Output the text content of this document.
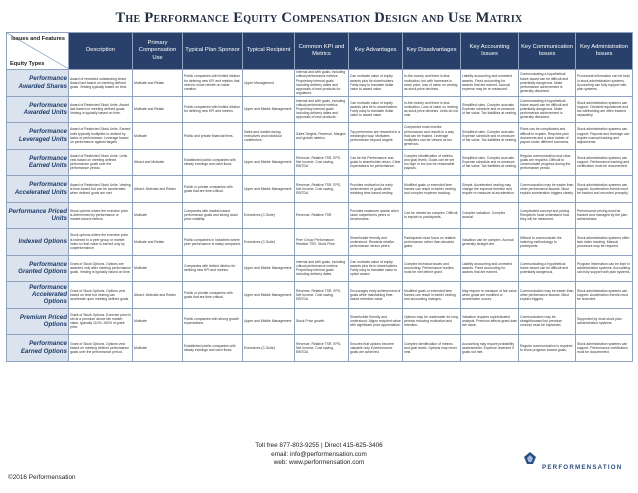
The Performance Equity Compensation Design and Use Matrix
Issues and Features
Equity Types	Description	Primary Compensation Use	Typical Plan Sponsor	Typical Recipient	Common KPI and Metrics	Key Advantages	Key Disadvantages	Key Accounting Issues	Key Communication Issues	Key Administration Issues
Performance Awarded Shares	Award of restricted outstanding share. Award last based on meeting defined goals. Vesting typically based on time.	Motivate and Retain	Public companies with limited dilution for defining new KPI and metrics that need to move needle on value creation.	Upper Management	Internal and with goals, including critical performance metrics. Proprietary internal goals including delivery dates and approvals of new products for regulators.	Can motivate value of equity awards plus tie shareholders. Fairly easy to translate dollar value to award value.	In-the-money and there is less motivation, but with increases in stock price, loss of value on vesting as stock price declines.	Liability accounting and unvested awards. Fixed accounting for awards that are earned. Accrual expense may be re-measured.	Communicating a hypothetical future award can be difficult and potentially dangerous. Make performance achievement is generally disclosed.	Procedural information can be kept in stock administration systems. Accounting can fully support with plan systems.
Performance Awarded Units	Award of Restricted Stock Units. Award last based on meeting defined goals. Vesting is typically based on time.	Motivate and Retain	Public companies with limited dilution for defining new KPI and metrics.	Upper and Middle Management	Internal and with goals, including critical performance metrics. Proprietary internal goals including delivery dates and approvals of new products.	Can motivate value of equity awards plus tie to shareholders. Fairly easy to translate dollar value to award value.	In-the-money and there is less motivation. Loss of value on vesting as stock price declines. Units do not vote.	Simplified rules. Complex accruals. Expense schedule and re-measure of fair value. Tax liabilities at vesting.	Communicating a hypothetical future award can be difficult and potentially dangerous. Make performance achievement is generally disclosed.	Stock administration systems can support. Dividend equivalents and tax withholding are often tracked separately.
Performance Leveraged Units	Award of Restricted Stock Units. Earned units typically multiplied or divided by factor of performance. Leverage based on performance against targets.	Motivate	Public and private financial firms.	Sales and market-facing executives and individual contributors.	Sales Targets, Revenue, Margins and growth metrics.	Top performers are rewarded in a meaningful way. Motivates performance beyond targets.	Companies must monitor performance and results in a way that can be trusted. Leverage multipliers can be viewed as too generous.	Simplified rules. Complex accruals. Expense schedule and re-measure of fair value. Tax liabilities at vesting.	Plans can be complicated and difficult to explain. Requires plan documents and a clear ladder of payout under different scenarios.	Stock administration systems can support. Payouts and leverage can require manual tracking and adjustments.
Performance Earned Units	Award of Restricted Stock Units. Units vest based on meeting defined performance goals over the performance period.	Attract and Motivate	Established public companies with steady earnings and cash flows.	Upper and Middle Management	Revenue, Relative TSR, EPS, Net Income, Cost saving, EBITDA	Can tie the Performance and goals to shareholder return. Clear expectations for performance.	Complex identification of metrics and goal levels. Goals can be set too high or too low for reasonable payouts.	Simplified rules. Complex accruals. Expense schedule and re-measure of fair value. Tax liabilities at vesting.	Regular communication and clear goals are required. Difficult to communicate progress during the performance period.	Stock administration systems can support. Performance tracking and certification must be documented.
Performance Accelerated Units	Award of Restricted Stock Units. Vesting is time-based but can be accelerated when defined goals are met.	Attract, Motivate and Retain	Public or private companies with goals that are time-critical.	Upper and Middle Management	Revenue, Relative TSR, EPS, Net Income, Cost saving, EBITDA	Provides motivation for early achievement of goals while retaining time-based vesting.	Modified goals or extended time frames can result in earlier vesting and complex expense tracking.	Simple. Accelerated vesting may change the expense timeline and require re-measure at acceleration.	Communication may be easier than other performance awards. Must explain acceleration triggers clearly.	Stock administration systems can support. Acceleration events must be tracked and recorded promptly.
Performance Priced Units	Stock options where the exercise price is determined by performance or market-based metrics.	Motivate	Companies with market-based performance goals and strong stock price volatility.	Executives (C-Suite)	Revenue, Relative TSR	Provides maximum upside when stock outperforms peers or benchmarks.	Can be viewed as complex. Difficult to explain to participants.	Complex valuation. Complex accrual.	Complicated concept and pricing. Recipients must understand how they will be measured.	Performance pricing must be tracked and managed by the plan administrator.
Indexed Options	Stock options where the exercise price is indexed to a peer group or market index so that value is earned only by outperformance.	Motivate and Retain	Public companies in industries where peer performance is easily compared.	Executives (C-Suite)	Peer Group Performance, Relative TSR, Stock Price	Shareholder friendly and understood. Rewards relative performance versus peers.	Participants must focus on relative performance rather than absolute gains.	Valuation can be complex. Accrual generally straight-line.	Difficult to communicate the indexing methodology to participants.	Stock administration systems often lack index tracking. Manual processes may be required.
Performance Granted Options	Grant of Stock Options. Options are awarded only after meeting performance goals. Vesting is typically based on time.	Motivate	Companies with limited dilution for defining new KPI and metrics.	Upper and Middle Management	Internal and with goals, including critical performance metrics. Proprietary internal goals including delivery dates.	Can motivate value of equity awards plus tie to shareholders. Fairly easy to translate value to option award.	Complex technical issues and accounting. Performance hurdles must be met before grant.	Liability accounting and unvested awards. Fixed accounting for awards that are earned.	Communicating a hypothetical future award can be difficult and potentially dangerous.	Program information can be kept in administration systems. Accounting can fully support with plan systems.
Performance Accelerated Options	Grant of Stock Options. Options vest based on time but vesting can accelerate upon meeting defined goals.	Attract, Motivate and Retain	Public or private companies with goals that are time-critical.	Upper and Middle Management	Revenue, Relative TSR, EPS, Net Income, Cost saving, EBITDA	Encourages early achievement of goals while maintaining time-based retention value.	Modified goals or extended time frames can result in earlier vesting and accounting changes.	May require re-measure of fair value when goals are modified or acceleration occurs.	Communication may be easier than other performance awards. Must explain triggers.	Stock administration systems can support. Acceleration events must be recorded.
Premium Priced Options	Grant of Stock Options. Exercise price is set at a premium above fair market value, typically 110%–150% of grant price.	Motivate	Public companies with strong growth expectations.	Upper and Middle Management	Stock Price growth	Shareholder friendly and understood. Aligns recipient value with significant price appreciation.	Options may be underwater for long periods reducing motivation and retention.	Valuation requires sophisticated analysis. Premium affects grant-date fair value.	Communication may be straightforward but premium concept must be explained.	Supported by most stock plan administration systems.
Performance Earned Options	Grant of Stock Options. Options vest based on meeting defined performance goals over the performance period.	Motivate	Established public companies with steady earnings and cash flows.	Executives (C-Suite)	Revenue, Relative TSR, EPS, Net Income, Cost saving, EBITDA	Ensures that options become valuable only if performance goals are achieved.	Complex identification of metrics and goal levels. Options may never vest.	Accounting may require probability assessments. Expense reversed if goals not met.	Regular communication is required to show progress toward goals.	Stock administration systems can support. Performance certification must be documented.
Toll free 877-803-9255 | Direct 415-625-3406
email: info@performensation.com
web: www.performensation.com
©2016 Performensation
PERFORMENSATION
